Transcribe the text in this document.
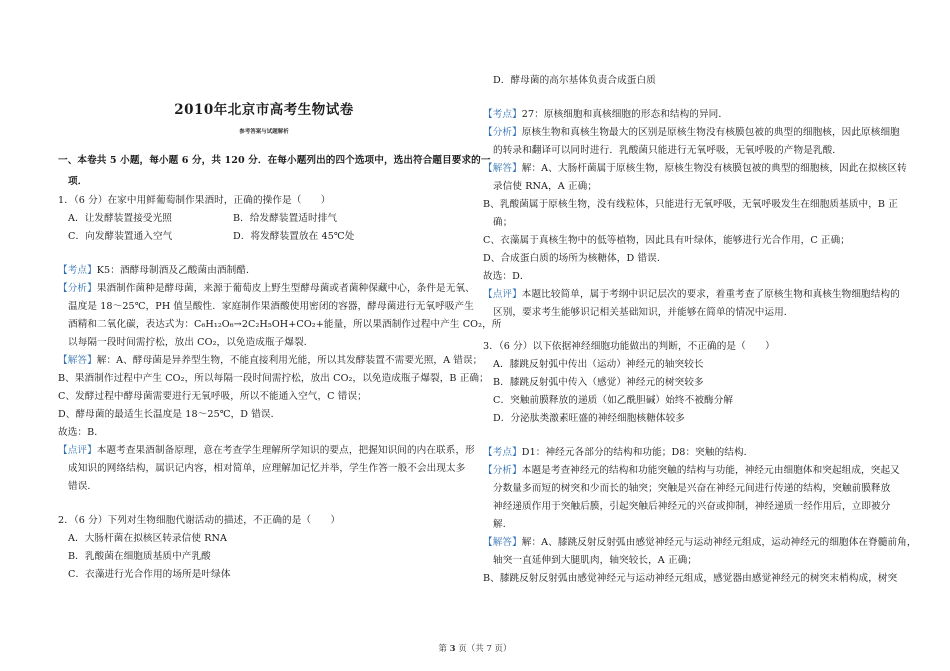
2010年北京市高考生物试卷
参考答案与试题解析
一、本卷共 5 小题，每小题 6 分，共 120 分．在每小题列出的四个选项中，选出符合题目要求的一
项．
1．（6 分）在家中用鲜葡萄制作果酒时，正确的操作是（　　）
A．让发酵装置接受光照	B．给发酵装置适时排气
C．向发酵装置通入空气	D．将发酵装置放在 45℃处
【考点】K5：酒酵母制酒及乙酸菌由酒制醋．
【分析】果酒制作菌种是酵母菌，来源于葡萄皮上野生型酵母菌或者菌种保藏中心，条件是无氧、
温度是 18～25℃，PH 值呈酸性．家庭制作果酒酸使用密闭的容器，酵母菌进行无氧呼吸产生
酒精和二氧化碳，表达式为：C₆H₁₂O₆→2C₂H₅OH+CO₂+能量，所以果酒制作过程中产生 CO₂，所
以每隔一段时间需拧松，放出 CO₂，以免造成瓶子爆裂．
【解答】解：A、酵母菌是异养型生物，不能直接利用光能，所以其发酵装置不需要光照，A 错误；
B、果酒制作过程中产生 CO₂，所以每隔一段时间需拧松，放出 CO₂，以免造成瓶子爆裂，B 正确；
C、发酵过程中酵母菌需要进行无氧呼吸，所以不能通入空气，C 错误；
D、酵母菌的最适生长温度是 18～25℃，D 错误．
故选：B．
【点评】本题考查果酒制备原理，意在考查学生理解所学知识的要点，把握知识间的内在联系，形
成知识的网络结构，属识记内容，相对简单，应理解加记忆并举，学生作答一般不会出现太多
错误．
2．（6 分）下列对生物细胞代谢活动的描述，不正确的是（　　）
A．大肠杆菌在拟核区转录信使 RNA
B．乳酸菌在细胞质基质中产乳酸
C．衣藻进行光合作用的场所是叶绿体
D．酵母菌的高尔基体负责合成蛋白质
【考点】27：原核细胞和真核细胞的形态和结构的异同．
【分析】原核生物和真核生物最大的区别是原核生物没有核膜包被的典型的细胞核，因此原核细胞
的转录和翻译可以同时进行．乳酸菌只能进行无氧呼吸，无氧呼吸的产物是乳酸．
【解答】解：A、大肠杆菌属于原核生物，原核生物没有核膜包被的典型的细胞核，因此在拟核区转
录信使 RNA，A 正确；
B、乳酸菌属于原核生物，没有线粒体，只能进行无氧呼吸，无氧呼吸发生在细胞质基质中，B 正
确；
C、衣藻属于真核生物中的低等植物，因此具有叶绿体，能够进行光合作用，C 正确；
D、合成蛋白质的场所为核糖体，D 错误．
故选：D．
【点评】本题比较简单，属于考纲中识记层次的要求，着重考查了原核生物和真核生物细胞结构的
区别，要求考生能够识记相关基础知识，并能够在简单的情况中运用．
3．（6 分）以下依据神经细胞功能做出的判断，不正确的是（　　）
A．膝跳反射弧中传出（运动）神经元的轴突较长
B．膝跳反射弧中传入（感觉）神经元的树突较多
C．突触前膜释放的递质（如乙酰胆碱）始终不被酶分解
D．分泌肽类激素旺盛的神经细胞核糖体较多
【考点】D1：神经元各部分的结构和功能；D8：突触的结构．
【分析】本题是考查神经元的结构和功能突触的结构与功能，神经元由细胞体和突起组成，突起又
分数量多而短的树突和少而长的轴突；突触是兴奋在神经元间进行传递的结构，突触前膜释放
神经递质作用于突触后膜，引起突触后神经元的兴奋或抑制，神经递质一经作用后，立即被分
解．
【解答】解：A、膝跳反射反射弧由感觉神经元与运动神经元组成，运动神经元的细胞体在脊髓前角，
轴突一直延伸到大腿肌肉，轴突较长，A 正确；
B、膝跳反射反射弧由感觉神经元与运动神经元组成，感觉器由感觉神经元的树突末梢构成，树突
第 3 页（共 7 页）
